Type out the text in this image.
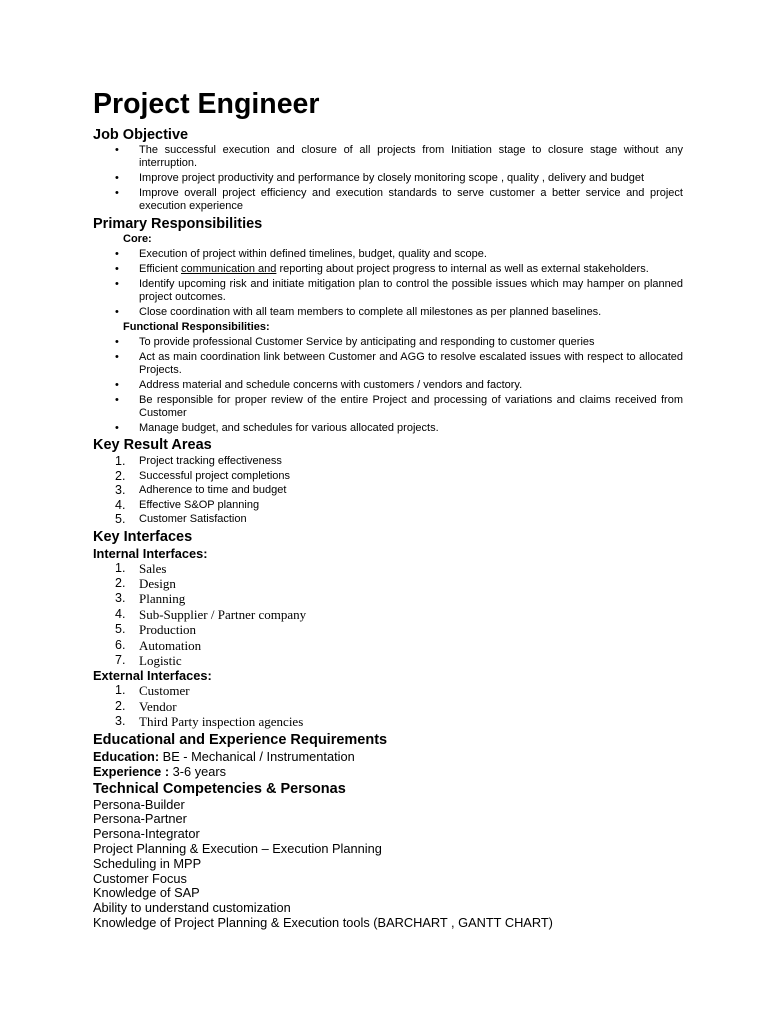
Project Engineer
Job Objective
• The successful execution and closure of all projects from Initiation stage to closure stage without any interruption.
• Improve project productivity and performance by closely monitoring scope , quality , delivery and budget
• Improve overall project efficiency and execution standards to serve customer a better service and project execution experience
Primary Responsibilities

Core:

• Execution of project within defined timelines, budget, quality and scope.
• Efficient communication and reporting about project progress to internal as well as external stakeholders.
• Identify upcoming risk and initiate mitigation plan to control the possible issues which may hamper on planned project outcomes.
• Close coordination with all team members to complete all milestones as per planned baselines.

Functional Responsibilities:

• To provide professional Customer Service by anticipating and responding to customer queries
• Act as main coordination link between Customer and AGG to resolve escalated issues with respect to allocated Projects.
• Address material and schedule concerns with customers / vendors and factory.
• Be responsible for proper review of the entire Project and processing of variations and claims received from Customer
• Manage budget, and schedules for various allocated projects.
Key Result Areas
1. Project tracking effectiveness
2. Successful project completions
3. Adherence to time and budget
4. Effective S&OP planning
5. Customer Satisfaction
Key Interfaces

Internal Interfaces:

1. Sales
2. Design
3. Planning
4. Sub-Supplier / Partner company
5. Production
6. Automation
7. Logistic

External Interfaces:

1. Customer
2. Vendor
3. Third Party inspection agencies
Educational and Experience Requirements

Education: BE - Mechanical / Instrumentation

Experience : 3-6 years

Technical Competencies & Personas

Persona-Builder

Persona-Partner

Persona-Integrator

Project Planning & Execution – Execution Planning

Scheduling in MPP

Customer Focus

Knowledge of SAP

Ability to understand customization

Knowledge of Project Planning & Execution tools (BARCHART , GANTT CHART)
